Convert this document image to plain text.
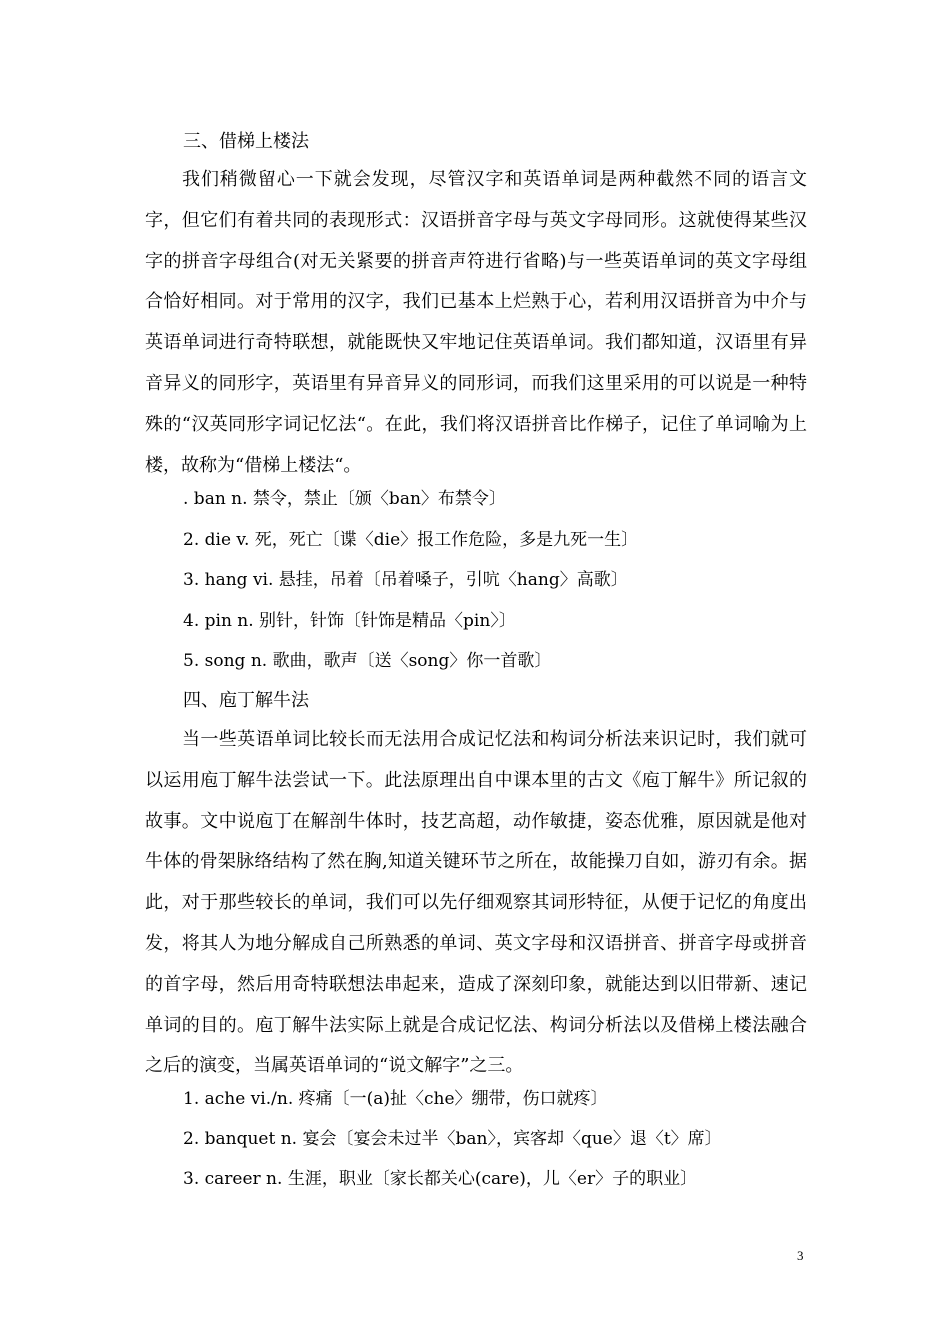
三、借梯上楼法

我们稍微留心一下就会发现，尽管汉字和英语单词是两种截然不同的语言文字，但它们有着共同的表现形式：汉语拼音字母与英文字母同形。这就使得某些汉字的拼音字母组合(对无关紧要的拼音声符进行省略)与一些英语单词的英文字母组合恰好相同。对于常用的汉字，我们已基本上烂熟于心，若利用汉语拼音为中介与英语单词进行奇特联想，就能既快又牢地记住英语单词。我们都知道，汉语里有异音异义的同形字，英语里有异音异义的同形词，而我们这里采用的可以说是一种特殊的“汉英同形字词记忆法“。在此，我们将汉语拼音比作梯子，记住了单词喻为上楼，故称为“借梯上楼法“。

. ban n. 禁令，禁止〔颁〈ban〉布禁令〕
2. die v. 死，死亡〔谍〈die〉报工作危险，多是九死一生〕
3. hang vi. 悬挂，吊着〔吊着嗓子，引吭〈hang〉高歌〕
4. pin n. 别针，针饰〔针饰是精品〈pin〉〕
5. song n. 歌曲，歌声〔送〈song〉你一首歌〕
四、庖丁解牛法

当一些英语单词比较长而无法用合成记忆法和构词分析法来识记时，我们就可以运用庖丁解牛法尝试一下。此法原理出自中课本里的古文《庖丁解牛》所记叙的故事。文中说庖丁在解剖牛体时，技艺高超，动作敏捷，姿态优雅，原因就是他对牛体的骨架脉络结构了然在胸,知道关键环节之所在，故能操刀自如，游刃有余。据此，对于那些较长的单词，我们可以先仔细观察其词形特征，从便于记忆的角度出发，将其人为地分解成自己所熟悉的单词、英文字母和汉语拼音、拼音字母或拼音的首字母，然后用奇特联想法串起来，造成了深刻印象，就能达到以旧带新、速记单词的目的。庖丁解牛法实际上就是合成记忆法、构词分析法以及借梯上楼法融合之后的演变，当属英语单词的“说文解字”之三。

1. ache vi./n. 疼痛〔一(a)扯〈che〉绷带，伤口就疼〕
2. banquet n. 宴会〔宴会未过半〈ban〉，宾客却〈que〉退〈t〉席〕
3. career n. 生涯，职业〔家长都关心(care)，儿〈er〉子的职业〕
3
